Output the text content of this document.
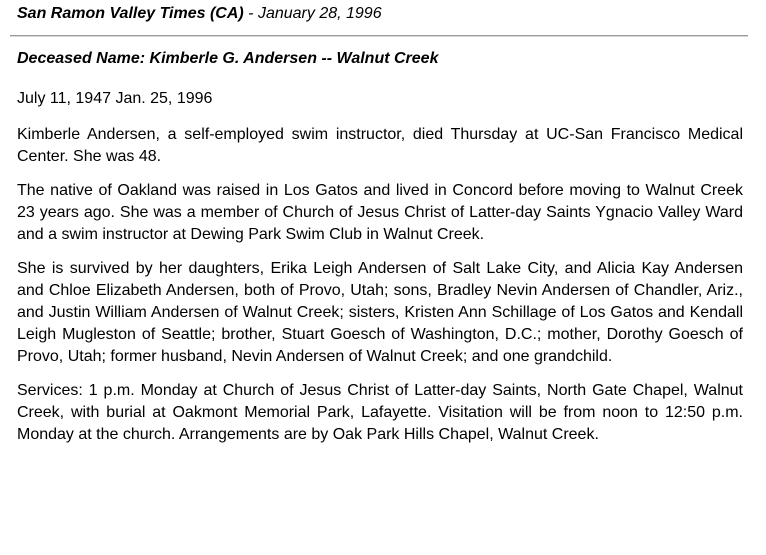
San Ramon Valley Times (CA) - January 28, 1996
Deceased Name: Kimberle G. Andersen -- Walnut Creek
July 11, 1947 Jan. 25, 1996
Kimberle Andersen, a self-employed swim instructor, died Thursday at UC-San Francisco Medical Center. She was 48.
The native of Oakland was raised in Los Gatos and lived in Concord before moving to Walnut Creek 23 years ago. She was a member of Church of Jesus Christ of Latter-day Saints Ygnacio Valley Ward and a swim instructor at Dewing Park Swim Club in Walnut Creek.
She is survived by her daughters, Erika Leigh Andersen of Salt Lake City, and Alicia Kay Andersen and Chloe Elizabeth Andersen, both of Provo, Utah; sons, Bradley Nevin Andersen of Chandler, Ariz., and Justin William Andersen of Walnut Creek; sisters, Kristen Ann Schillage of Los Gatos and Kendall Leigh Mugleston of Seattle; brother, Stuart Goesch of Washington, D.C.; mother, Dorothy Goesch of Provo, Utah; former husband, Nevin Andersen of Walnut Creek; and one grandchild.
Services: 1 p.m. Monday at Church of Jesus Christ of Latter-day Saints, North Gate Chapel, Walnut Creek, with burial at Oakmont Memorial Park, Lafayette. Visitation will be from noon to 12:50 p.m. Monday at the church. Arrangements are by Oak Park Hills Chapel, Walnut Creek.
